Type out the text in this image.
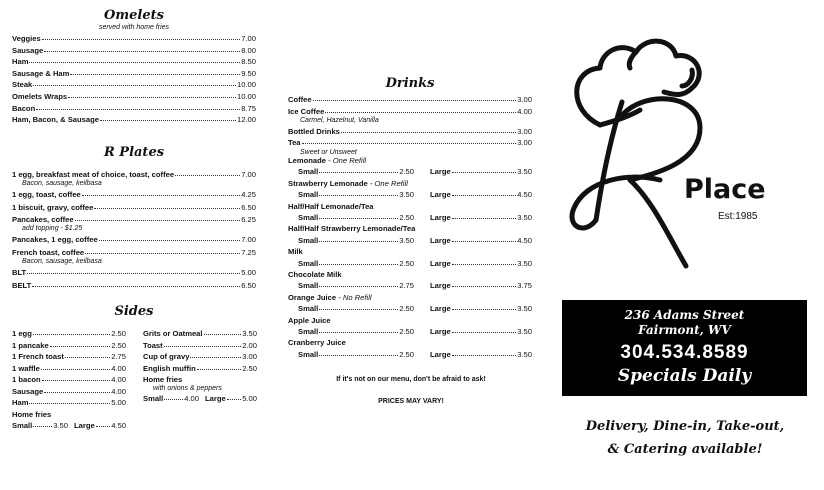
Omelets
served with home fries
Veggies	7.00
Sausage	8.00
Ham	8.50
Sausage & Ham	9.50
Steak	10.00
Omelets Wraps	10.00
Bacon	8.75
Ham, Bacon, & Sausage	12.00
R Plates
1 egg, breakfast meat of choice, toast, coffee	7.00
Bacon, sausage, keilbasa
1 egg, toast, coffee	4.25
1 biscuit, gravy, coffee	6.50
Pancakes, coffee	6.25
add topping - $1.25
Pancakes, 1 egg, coffee	7.00
French toast, coffee	7.25
Bacon, sausage, keilbasa
BLT	5.00
BELT	6.50
Sides
1 egg	2.50
1 pancake	2.50
1 French toast	2.75
1 waffle	4.00
1 bacon	4.00
Sausage	4.00
Ham	5.00
Home fries
Small	3.50 Large 4.50
Grits or Oatmeal	3.50
Toast	2.00
Cup of gravy	3.00
English muffin	2.50
Home fries
with onions & peppers
Small	4.00 Large 5.00
Drinks
Coffee	3.00
Ice Coffee	4.00
Carmel, Hazelnut, Vanilla
Bottled Drinks	3.00
Tea	3.00
Sweet or Unsweet
Lemonade - One Refill
Small	2.50 Large	3.50
Strawberry Lemonade - One Refill
Small	3.50 Large	4.50
Half/Half Lemonade/Tea
Small	2.50 Large	3.50
Half/Half Strawberry Lemonade/Tea
Small	3.50 Large	4.50
Milk
Small	2.50 Large	3.50
Chocolate Milk
Small	2.75 Large	3.75
Orange Juice - No Refill
Small	2.50 Large	3.50
Apple Juice
Small	2.50 Large	3.50
Cranberry Juice
Small	2.50 Large	3.50
If it's not on our menu, don't be afraid to ask!
PRICES MAY VARY!
R
Place
Est:1985
236 Adams Street
Fairmont, WV
304.534.8589
Specials Daily
Delivery, Dine-in, Take-out,
& Catering available!
